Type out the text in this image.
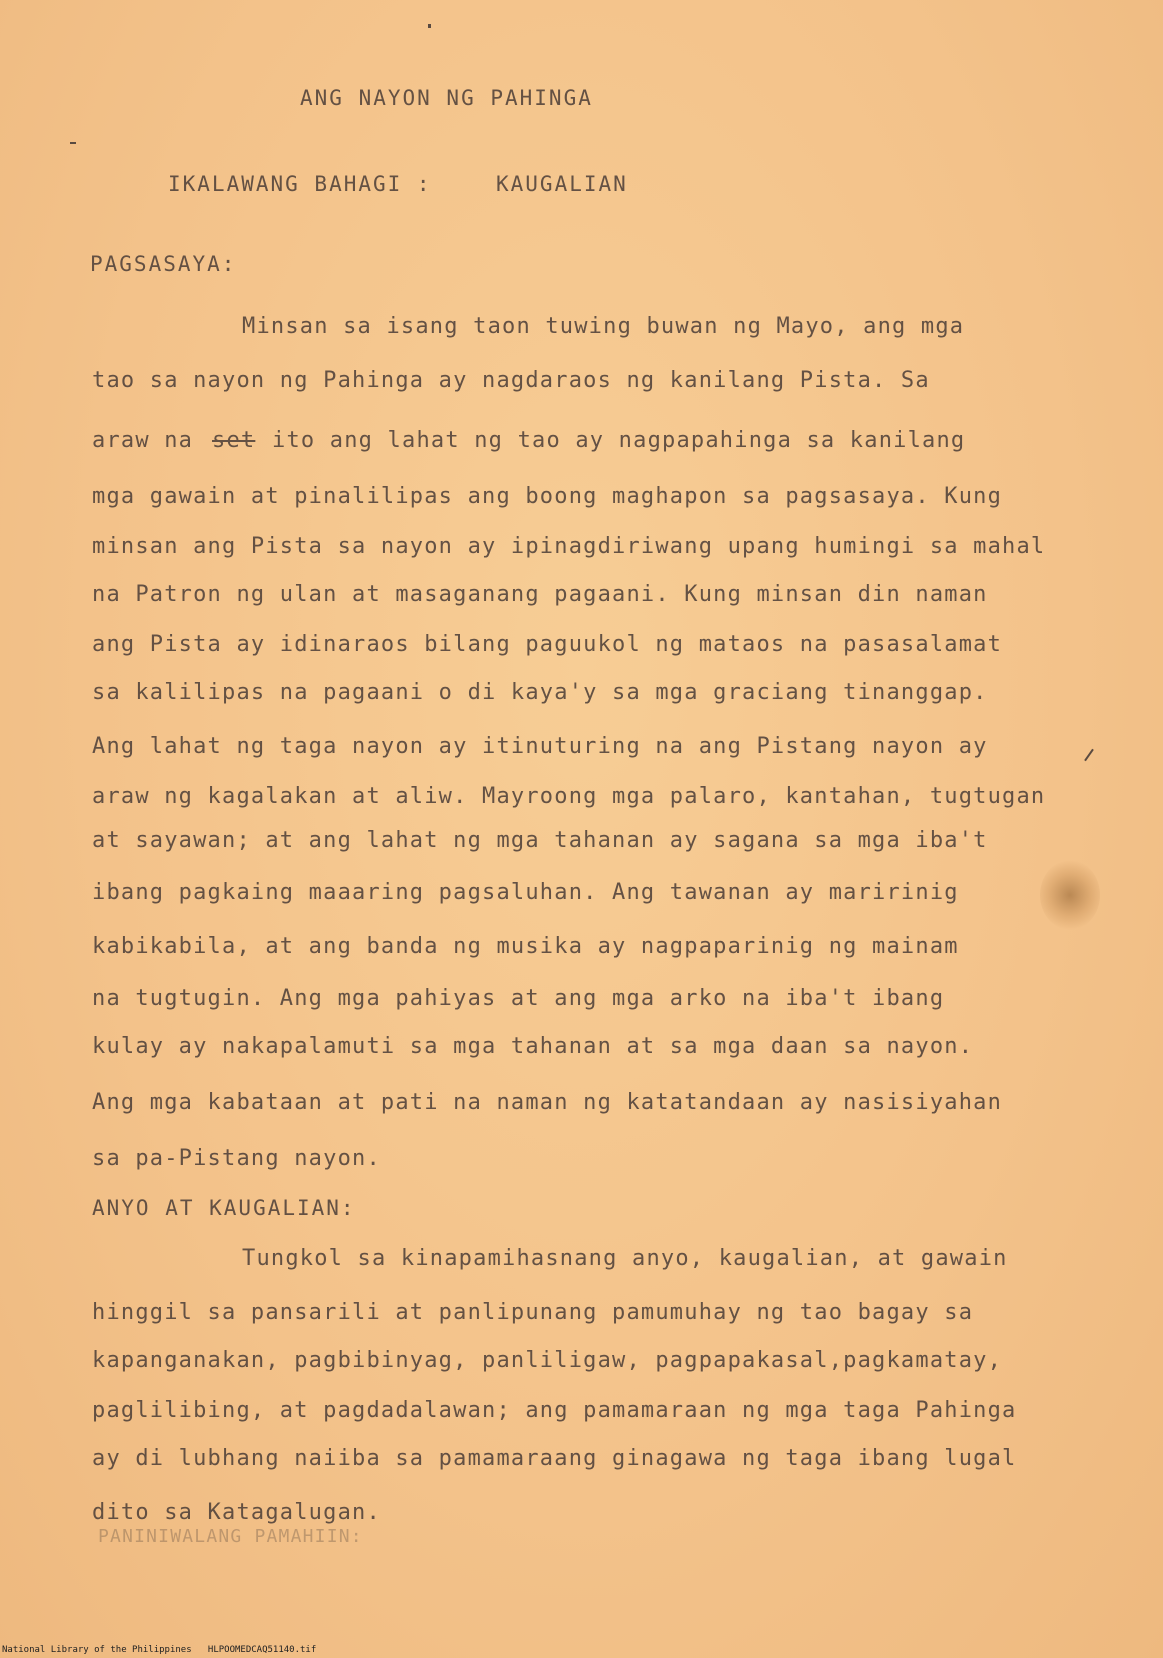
ANG NAYON NG PAHINGA
IKALAWANG BAHAGI :	KAUGALIAN
PAGSASAYA:
Minsan sa isang taon tuwing buwan ng Mayo, ang mga
tao sa nayon ng Pahinga ay nagdaraos ng kanilang Pista. Sa
araw na set ito ang lahat ng tao ay nagpapahinga sa kanilang
mga gawain at pinalilipas ang boong maghapon sa pagsasaya. Kung
minsan ang Pista sa nayon ay ipinagdiriwang upang humingi sa mahal
na Patron ng ulan at masaganang pagaani. Kung minsan din naman
ang Pista ay idinaraos bilang paguukol ng mataos na pasasalamat
sa kalilipas na pagaani o di kaya'y sa mga graciang tinanggap.
Ang lahat ng taga nayon ay itinuturing na ang Pistang nayon ay
araw ng kagalakan at aliw. Mayroong mga palaro, kantahan, tugtugan
at sayawan; at ang lahat ng mga tahanan ay sagana sa mga iba't
ibang pagkaing maaaring pagsaluhan. Ang tawanan ay maririnig
kabikabila, at ang banda ng musika ay nagpaparinig ng mainam
na tugtugin. Ang mga pahiyas at ang mga arko na iba't ibang
kulay ay nakapalamuti sa mga tahanan at sa mga daan sa nayon.
Ang mga kabataan at pati na naman ng katatandaan ay nasisiyahan
sa pa-Pistang nayon.
ANYO AT KAUGALIAN:
Tungkol sa kinapamihasnang anyo, kaugalian, at gawain
hinggil sa pansarili at panlipunang pamumuhay ng tao bagay sa
kapanganakan, pagbibinyag, panliligaw, pagpapakasal,pagkamatay,
paglilibing, at pagdadalawan; ang pamamaraan ng mga taga Pahinga
ay di lubhang naiiba sa pamamaraang ginagawa ng taga ibang lugal
dito sa Katagalugan.
PANINIWALANG PAMAHIIN:
National Library of the Philippines   HLPOOMEDCAQ51140.tif
